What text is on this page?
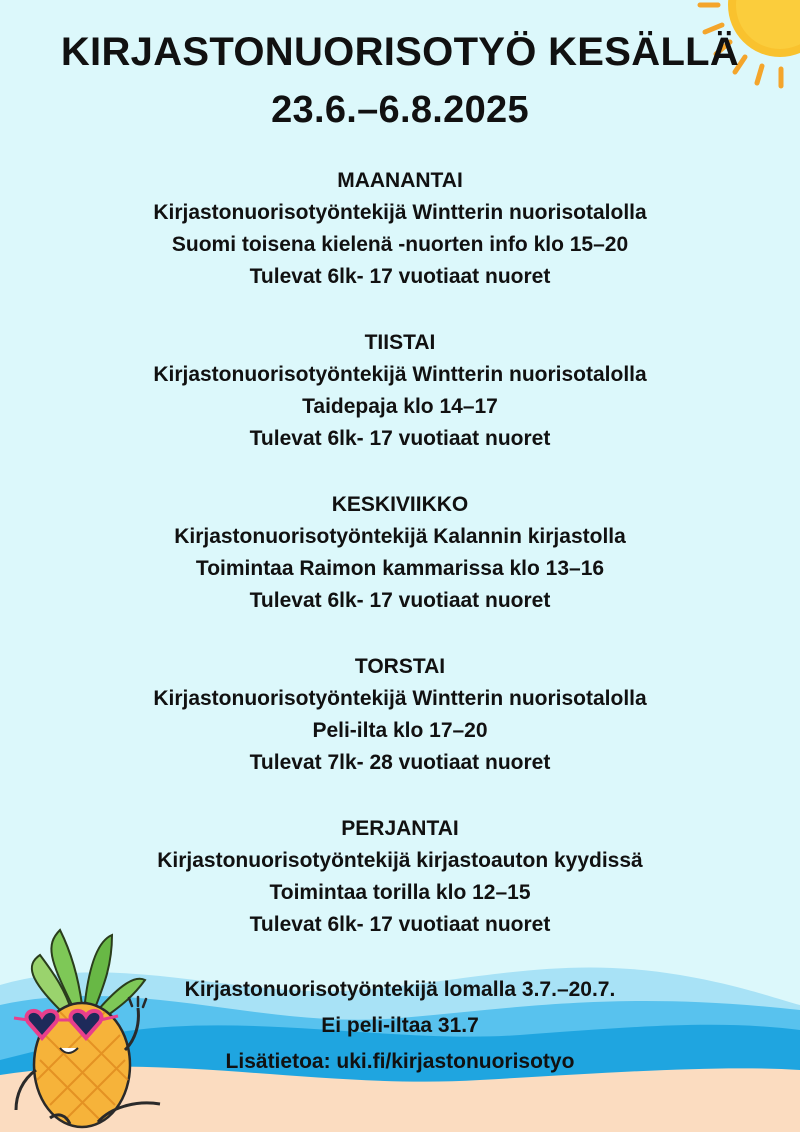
KIRJASTONUORISOTYÖ KESÄLLÄ
23.6.–6.8.2025

MAANANTAI

Kirjastonuorisotyöntekijä Wintterin nuorisotalolla

Suomi toisena kielenä -nuorten info klo 15–20

Tulevat 6lk- 17 vuotiaat nuoret

TIISTAI

Kirjastonuorisotyöntekijä Wintterin nuorisotalolla

Taidepaja klo 14–17

Tulevat 6lk- 17 vuotiaat nuoret

KESKIVIIKKO

Kirjastonuorisotyöntekijä Kalannin kirjastolla

Toimintaa Raimon kammarissa klo 13–16

Tulevat 6lk- 17 vuotiaat nuoret

TORSTAI

Kirjastonuorisotyöntekijä Wintterin nuorisotalolla

Peli-ilta klo 17–20

Tulevat 7lk- 28 vuotiaat nuoret

PERJANTAI

Kirjastonuorisotyöntekijä kirjastoauton kyydissä

Toimintaa torilla klo 12–15

Tulevat 6lk- 17 vuotiaat nuoret

Kirjastonuorisotyöntekijä lomalla 3.7.–20.7.

Ei peli-iltaa 31.7

Lisätietoa: uki.fi/kirjastonuorisotyo
